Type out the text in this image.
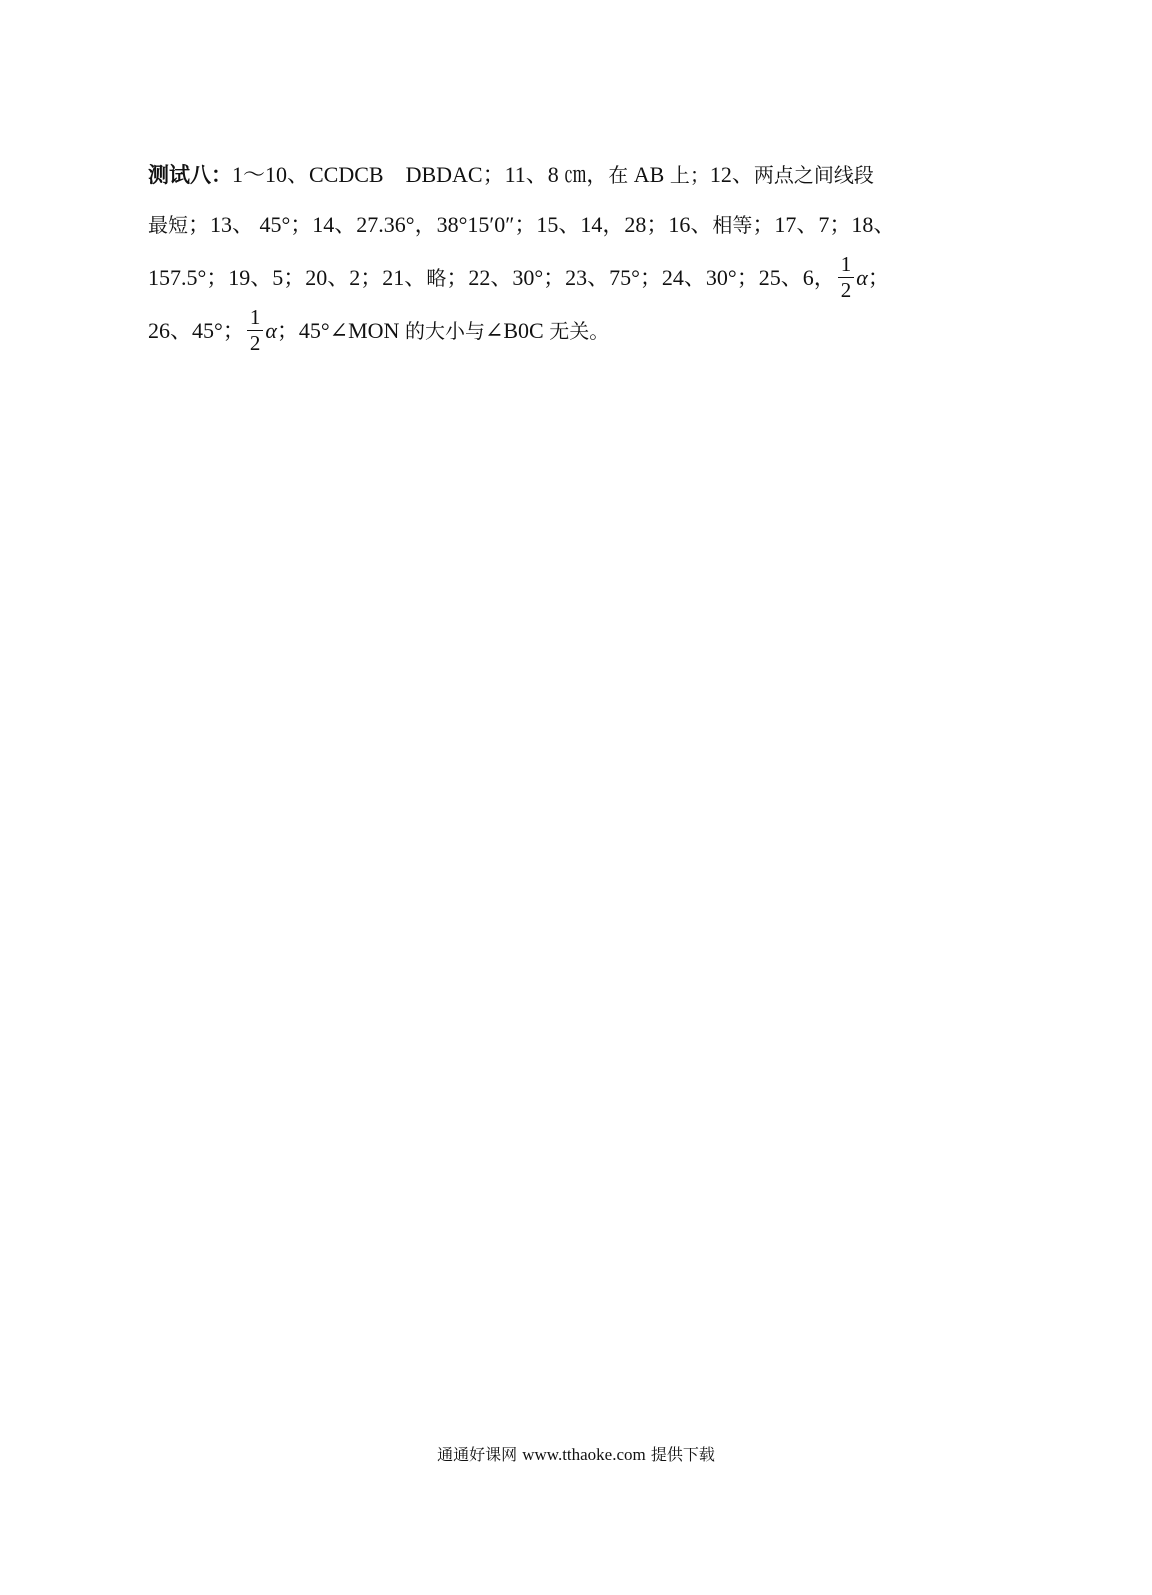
测试八：1～10、CCDCB　DBDAC；11、8 ㎝，在 AB 上；12、两点之间线段
最短；13、 45°；14、27.36°，38°15′0″；15、14，28；16、相等；17、7；18、
157.5°；19、5；20、2；21、略；22、30°；23、75°；24、30°；25、6， $\frac{1}{2}$ α；
26、45°； $\frac{1}{2}$ α；45°∠MON 的大小与∠B0C 无关。
通通好课网 www.tthaoke.com 提供下载
